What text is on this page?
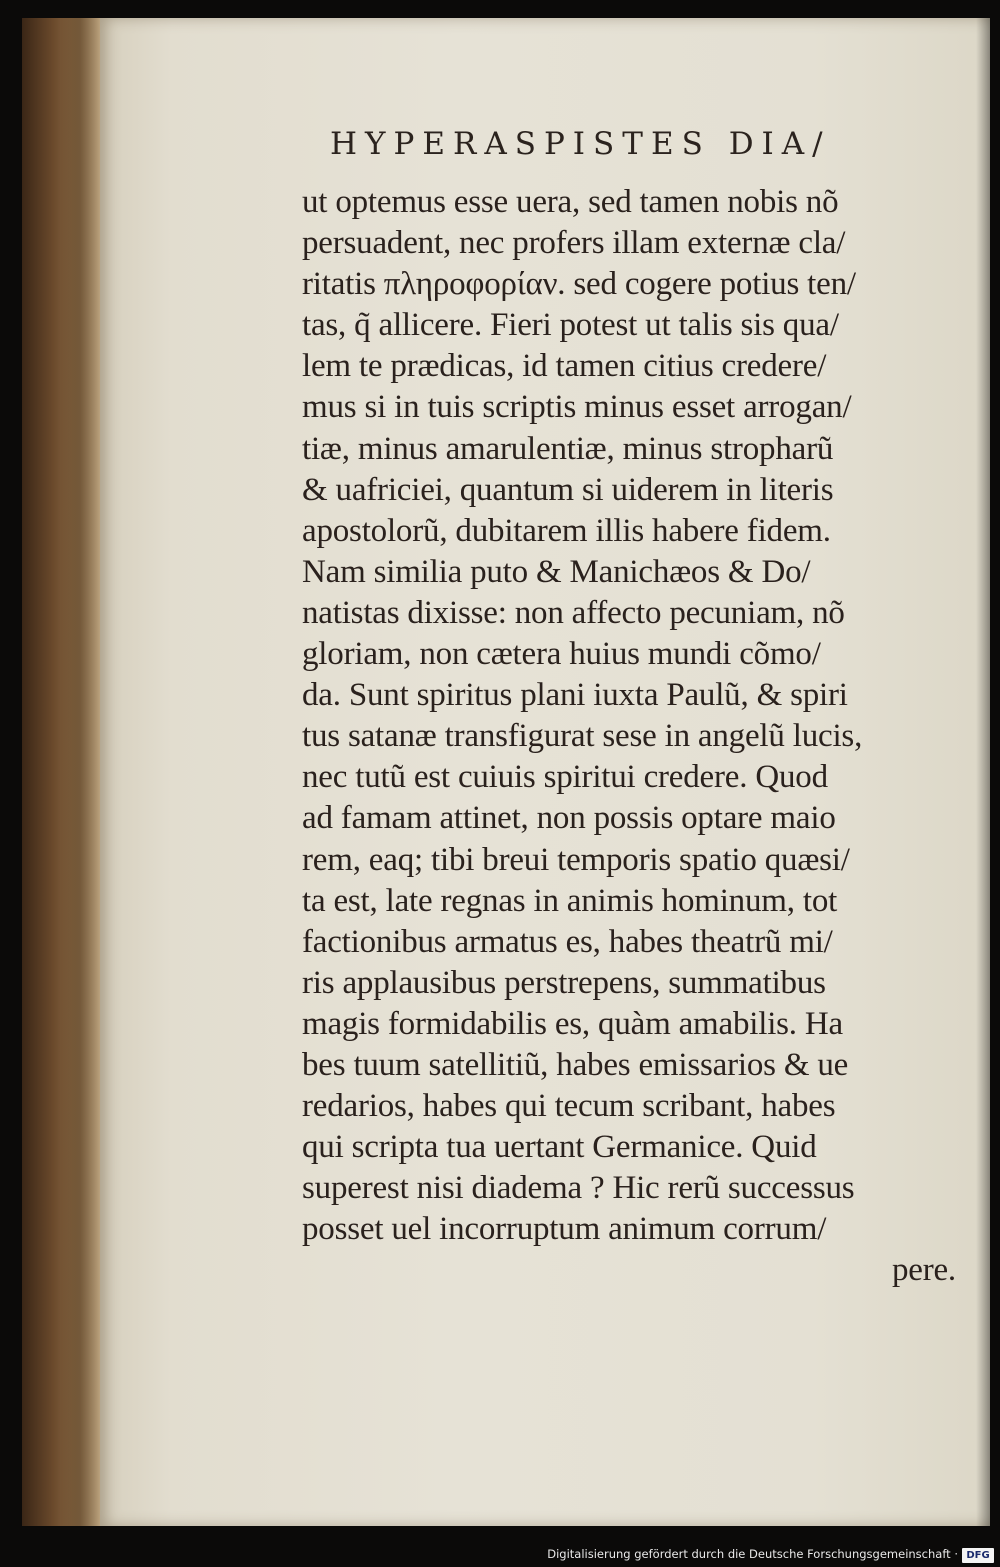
HYPERASPISTES DIA/
ut optemus esse uera, sed tamen nobis nõ
persuadent, nec profers illam externæ cla/
ritatis πληροφορίαν. sed cogere potius ten/
tas, q̃ allicere. Fieri potest ut talis sis qua/
lem te prædicas, id tamen citius credere/
mus si in tuis scriptis minus esset arrogan/
tiæ, minus amarulentiæ, minus stropharũ
& uafriciei, quantum si uiderem in literis
apostolorũ, dubitarem illis habere fidem.
Nam similia puto & Manichæos & Do/
natistas dixisse: non affecto pecuniam, nõ
gloriam, non cætera huius mundi cõmo/
da. Sunt spiritus plani iuxta Paulũ, & spiri
tus satanæ transfigurat sese in angelũ lucis,
nec tutũ est cuiuis spiritui credere. Quod
ad famam attinet, non possis optare maio
rem, eaq; tibi breui temporis spatio quæsi/
ta est, late regnas in animis hominum, tot
factionibus armatus es, habes theatrũ mi/
ris applausibus perstrepens, summatibus
magis formidabilis es, quàm amabilis. Ha
bes tuum satellitiũ, habes emissarios & ue
redarios, habes qui tecum scribant, habes
qui scripta tua uertant Germanice. Quid
superest nisi diadema ? Hic rerũ successus
posset uel incorruptum animum corrum/
pere.
Digitalisierung gefördert durch die Deutsche Forschungsgemeinschaft · DFG
